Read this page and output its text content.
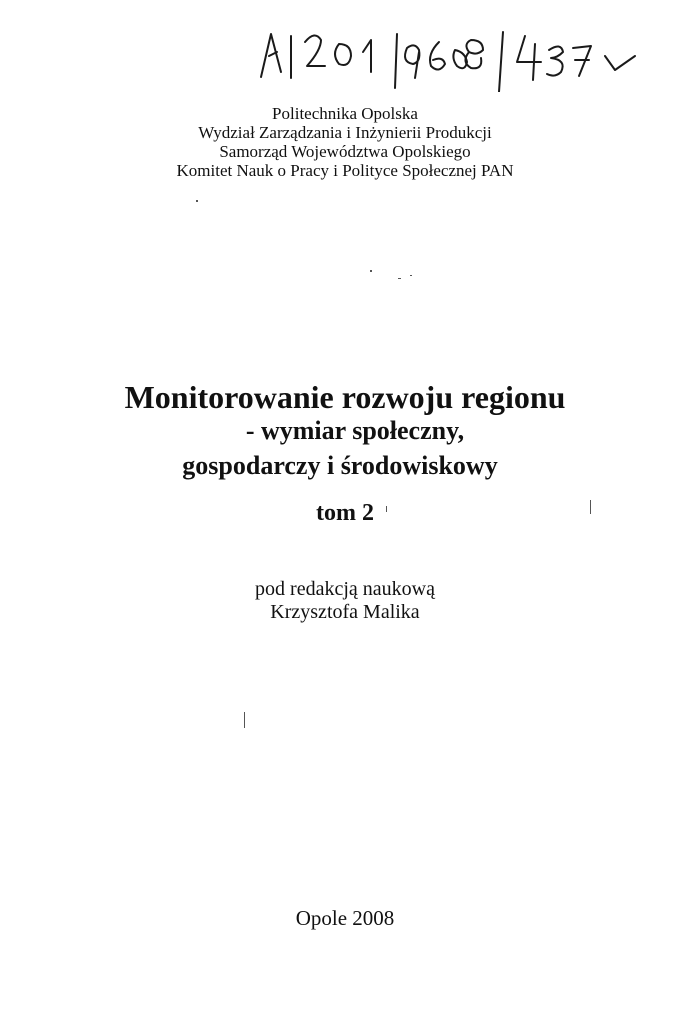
Politechnika Opolska
Wydział Zarządzania i Inżynierii Produkcji
Samorząd Województwa Opolskiego
Komitet Nauk o Pracy i Polityce Społecznej PAN
Monitorowanie rozwoju regionu
- wymiar społeczny,
gospodarczy i środowiskowy
tom 2
pod redakcją naukową
Krzysztofa Malika
Opole 2008
